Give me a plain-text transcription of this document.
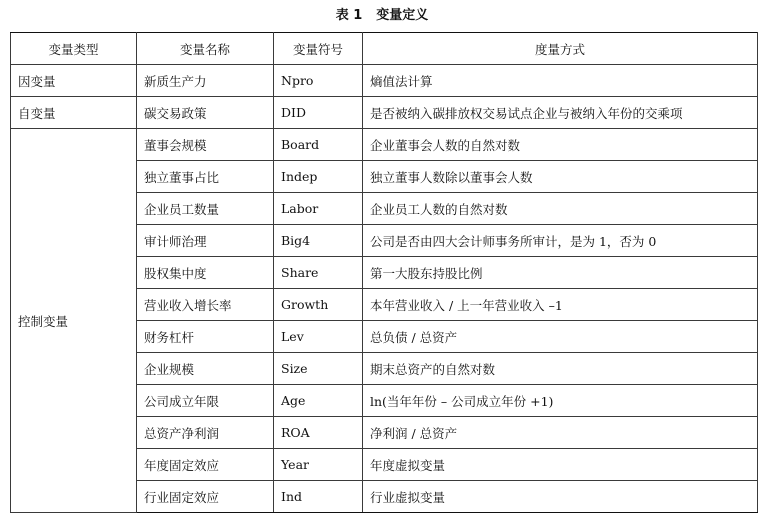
表 1 变量定义
变量类型	变量名称	变量符号	度量方式
因变量	新质生产力	Npro	熵值法计算
自变量	碳交易政策	DID	是否被纳入碳排放权交易试点企业与被纳入年份的交乘项
控制变量	董事会规模	Board	企业董事会人数的自然对数
	独立董事占比	Indep	独立董事人数除以董事会人数
	企业员工数量	Labor	企业员工人数的自然对数
	审计师治理	Big4	公司是否由四大会计师事务所审计，是为 1，否为 0
	股权集中度	Share	第一大股东持股比例
	营业收入增长率	Growth	本年营业收入 / 上一年营业收入 –1
	财务杠杆	Lev	总负债 / 总资产
	企业规模	Size	期末总资产的自然对数
	公司成立年限	Age	ln(当年年份 – 公司成立年份 +1)
	总资产净利润	ROA	净利润 / 总资产
	年度固定效应	Year	年度虚拟变量
	行业固定效应	Ind	行业虚拟变量
